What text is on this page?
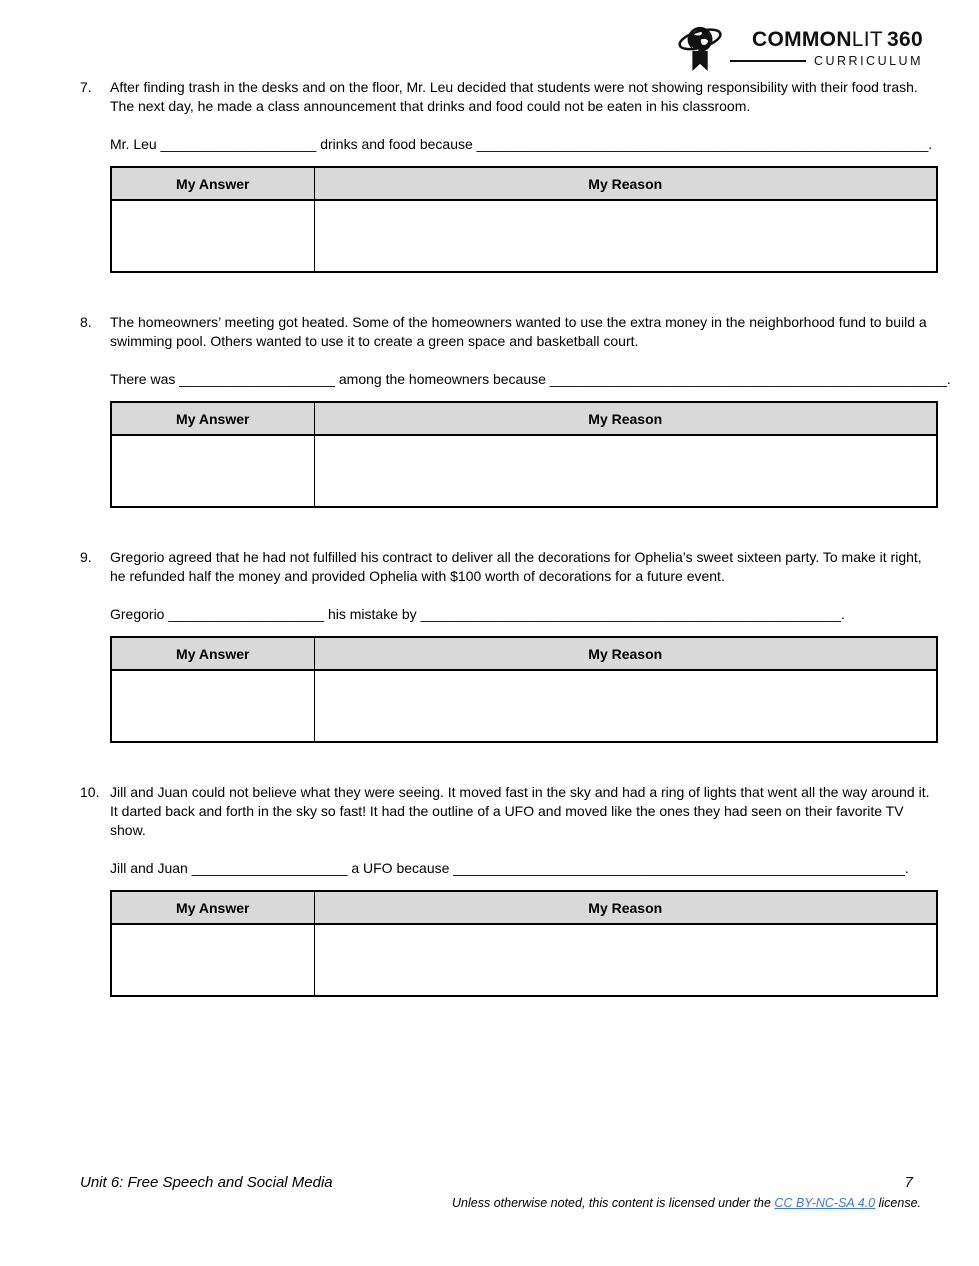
COMMONLIT 360
CURRICULUM
7.	After finding trash in the desks and on the floor, Mr. Leu decided that students were not showing responsibility with their food trash. The next day, he made a class announcement that drinks and food could not be eaten in his classroom.

Mr. Leu ____________________ drinks and food because __________________________________________________________.

My Answer	My Reason

8.	The homeowners’ meeting got heated. Some of the homeowners wanted to use the extra money in the neighborhood fund to build a swimming pool. Others wanted to use it to create a green space and basketball court.

There was ____________________ among the homeowners because ___________________________________________________.

My Answer	My Reason

9.	Gregorio agreed that he had not fulfilled his contract to deliver all the decorations for Ophelia’s sweet sixteen party. To make it right, he refunded half the money and provided Ophelia with $100 worth of decorations for a future event.

Gregorio ____________________ his mistake by ______________________________________________________.

My Answer	My Reason

10. Jill and Juan could not believe what they were seeing. It moved fast in the sky and had a ring of lights that went all the way around it. It darted back and forth in the sky so fast! It had the outline of a UFO and moved like the ones they had seen on their favorite TV show.

Jill and Juan ____________________ a UFO because __________________________________________________________.

My Answer	My Reason

Unit 6: Free Speech and Social Media	7
Unless otherwise noted, this content is licensed under the CC BY-NC-SA 4.0 license.
